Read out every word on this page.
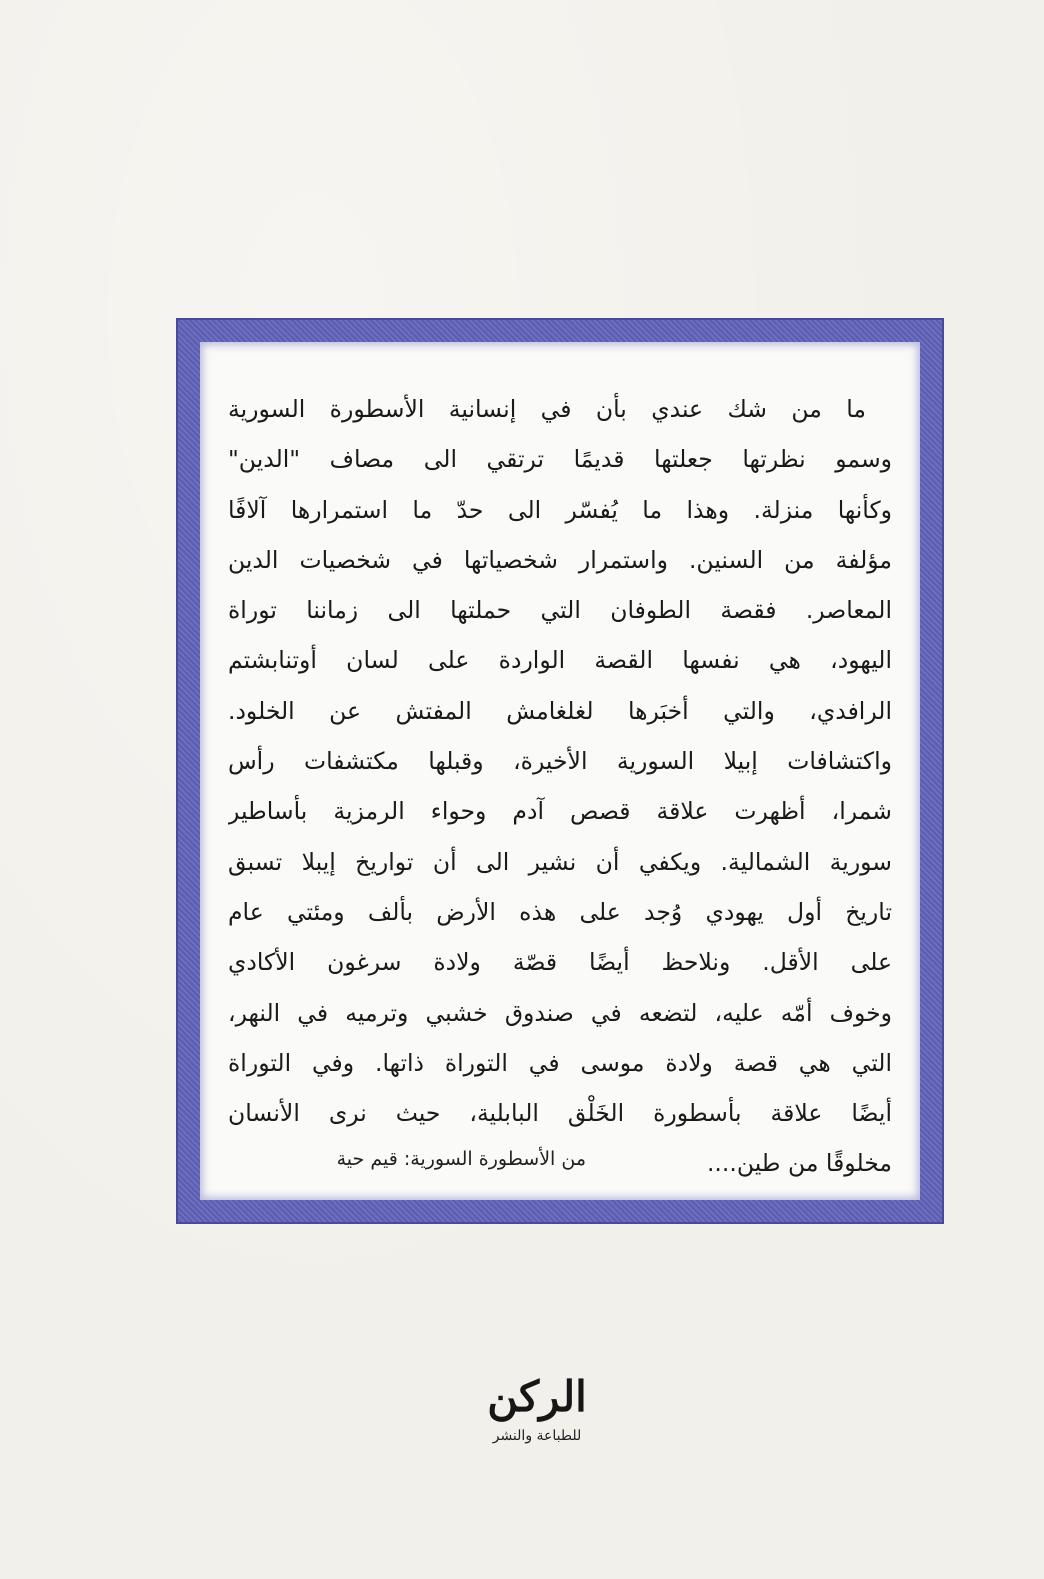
ما من شك عندي بأن في إنسانية الأسطورة السورية
وسمو نظرتها جعلتها قديمًا ترتقي الى مصاف "الدين"
وكأنها منزلة. وهذا ما يُفسّر الى حدّ ما استمرارها آلافًا
مؤلفة من السنين. واستمرار شخصياتها في شخصيات الدين
المعاصر. فقصة الطوفان التي حملتها الى زماننا توراة
اليهود، هي نفسها القصة الواردة على لسان أوتنابشتم
الرافدي، والتي أخبَرها لغلغامش المفتش عن الخلود.
واكتشافات إبيلا السورية الأخيرة، وقبلها مكتشفات رأس
شمرا، أظهرت علاقة قصص آدم وحواء الرمزية بأساطير
سورية الشمالية. ويكفي أن نشير الى أن تواريخ إيبلا تسبق
تاريخ أول يهودي وُجد على هذه الأرض بألف ومئتي عام
على الأقل. ونلاحظ أيضًا قصّة ولادة سرغون الأكادي
وخوف أمّه عليه، لتضعه في صندوق خشبي وترميه في النهر،
التي هي قصة ولادة موسى في التوراة ذاتها. وفي التوراة
أيضًا علاقة بأسطورة الخَلْق البابلية، حيث نرى الأنسان
مخلوقًا من طين....
من الأسطورة السورية: قيم حية
الركن
للطباعة والنشر
